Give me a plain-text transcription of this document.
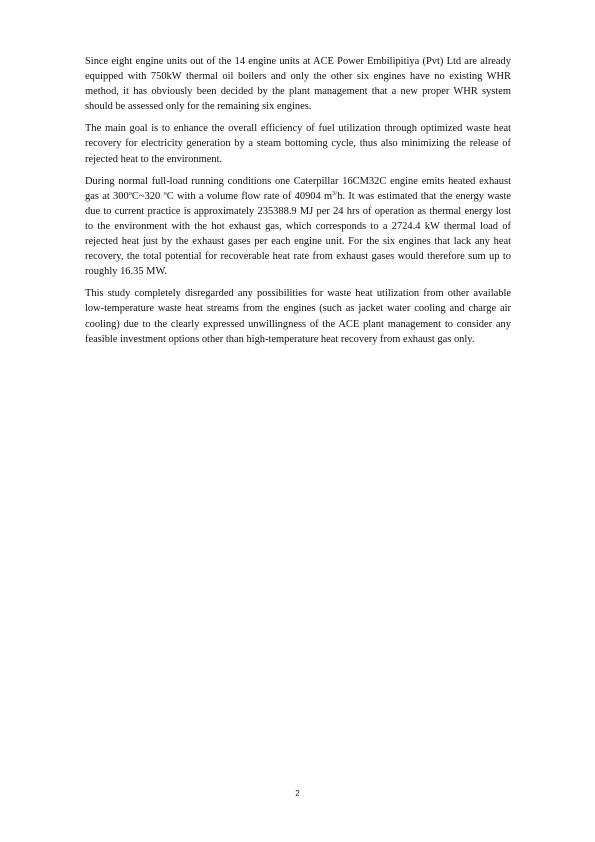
Since eight engine units out of the 14 engine units at ACE Power Embilipitiya (Pvt) Ltd are already equipped with 750kW thermal oil boilers and only the other six engines have no existing WHR method, it has obviously been decided by the plant management that a new proper WHR system should be assessed only for the remaining six engines.

The main goal is to enhance the overall efficiency of fuel utilization through optimized waste heat recovery for electricity generation by a steam bottoming cycle, thus also minimizing the release of rejected heat to the environment.

During normal full-load running conditions one Caterpillar 16CM32C engine emits heated exhaust gas at 300$^o$C~320 $^o$C with a volume flow rate of 40904 $m^{3/}h$. It was estimated that the energy waste due to current practice is approximately 235388.9 MJ per 24 hrs of operation as thermal energy lost to the environment with the hot exhaust gas, which corresponds to a 2724.4 kW thermal load of rejected heat just by the exhaust gases per each engine unit. For the six engines that lack any heat recovery, the total potential for recoverable heat rate from exhaust gases would therefore sum up to roughly 16.35 MW.

This study completely disregarded any possibilities for waste heat utilization from other available low-temperature waste heat streams from the engines (such as jacket water cooling and charge air cooling) due to the clearly expressed unwillingness of the ACE plant management to consider any feasible investment options other than high-temperature heat recovery from exhaust gas only.

2
